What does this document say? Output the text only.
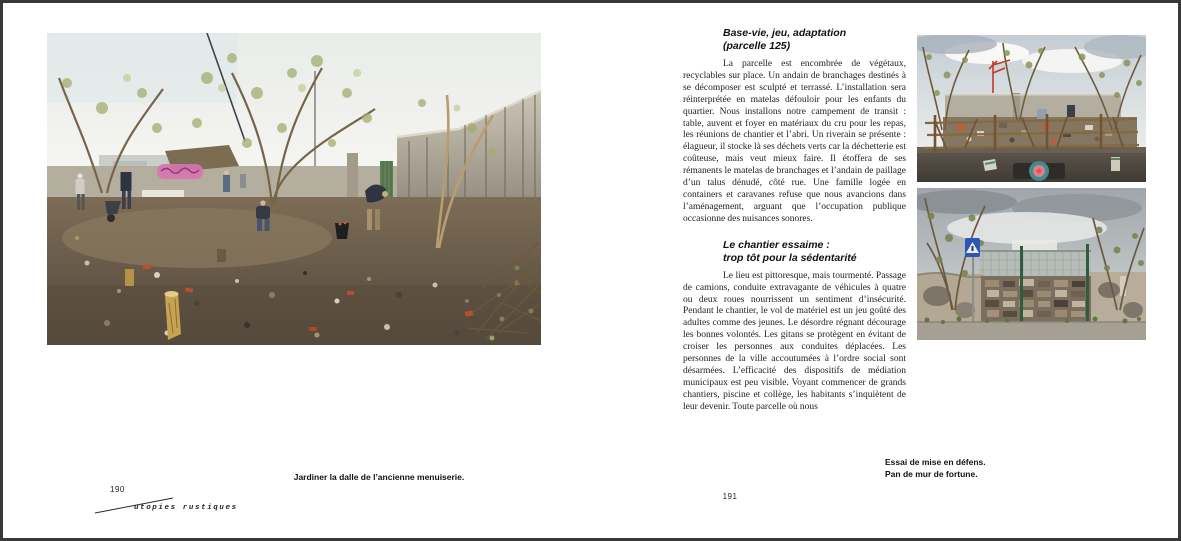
Jardiner la dalle de l’ancienne menuiserie.
190
utopies rustiques
Base-vie, jeu, adaptation
(parcelle 125)

La parcelle est encombrée de végétaux, recyclables sur place. Un andain de branchages destinés à se décomposer est sculpté et terrassé. L’installation sera réinterprétée en matelas défouloir pour les enfants du quartier. Nous installons notre campement de transit : table, auvent et foyer en matériaux du cru pour les repas, les réunions de chantier et l’abri. Un riverain se présente : élagueur, il stocke là ses déchets verts car la déchetterie est coûteuse, mais veut mieux faire. Il étoffera de ses rémanents le matelas de branchages et l’andain de paillage d’un talus dénudé, côté rue. Une famille logée en containers et caravanes refuse que nous avancions dans l’aménagement, arguant que l’occupation publique occasionne des nuisances sonores.

Le chantier essaime :
trop tôt pour la sédentarité

Le lieu est pittoresque, mais tourmenté. Passage de camions, conduite extravagante de véhicules à quatre ou deux roues nourrissent un sentiment d’insécurité. Pendant le chantier, le vol de matériel est un jeu goûté des adultes comme des jeunes. Le désordre régnant décourage les bonnes volontés. Les gitans se protègent en évitant de croiser les personnes aux conduites déplacées. Les personnes de la ville accoutumées à l’ordre social sont désarmées. L’efficacité des dispositifs de médiation municipaux est peu visible. Voyant commencer de grands chantiers, piscine et collège, les habitants s’inquiètent de leur devenir. Toute parcelle où nous

Essai de mise en défens.
Pan de mur de fortune.
191
